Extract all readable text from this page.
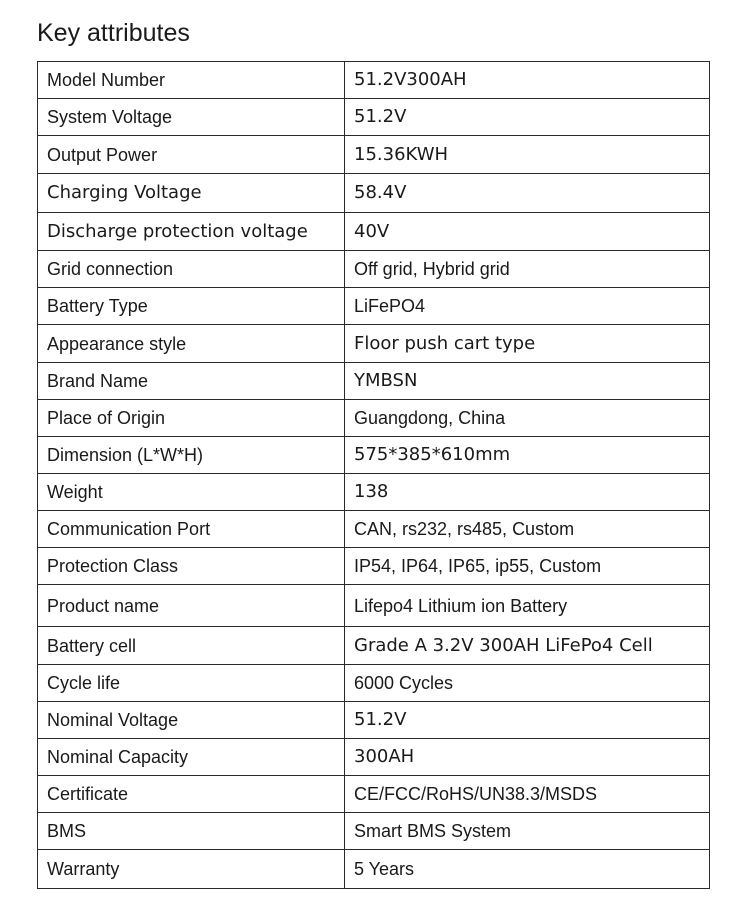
Key attributes
Model Number	51.2V300AH
System Voltage	51.2V
Output Power	15.36KWH
Charging Voltage	58.4V
Discharge protection voltage	40V
Grid connection	Off grid, Hybrid grid
Battery Type	LiFePO4
Appearance style	Floor push cart type
Brand Name	YMBSN
Place of Origin	Guangdong, China
Dimension (L*W*H)	575*385*610mm
Weight	138
Communication Port	CAN, rs232, rs485, Custom
Protection Class	IP54, IP64, IP65, ip55, Custom
Product name	Lifepo4 Lithium ion Battery
Battery cell	Grade A 3.2V 300AH LiFePo4 Cell
Cycle life	6000 Cycles
Nominal Voltage	51.2V
Nominal Capacity	300AH
Certificate	CE/FCC/RoHS/UN38.3/MSDS
BMS	Smart BMS System
Warranty	5 Years
